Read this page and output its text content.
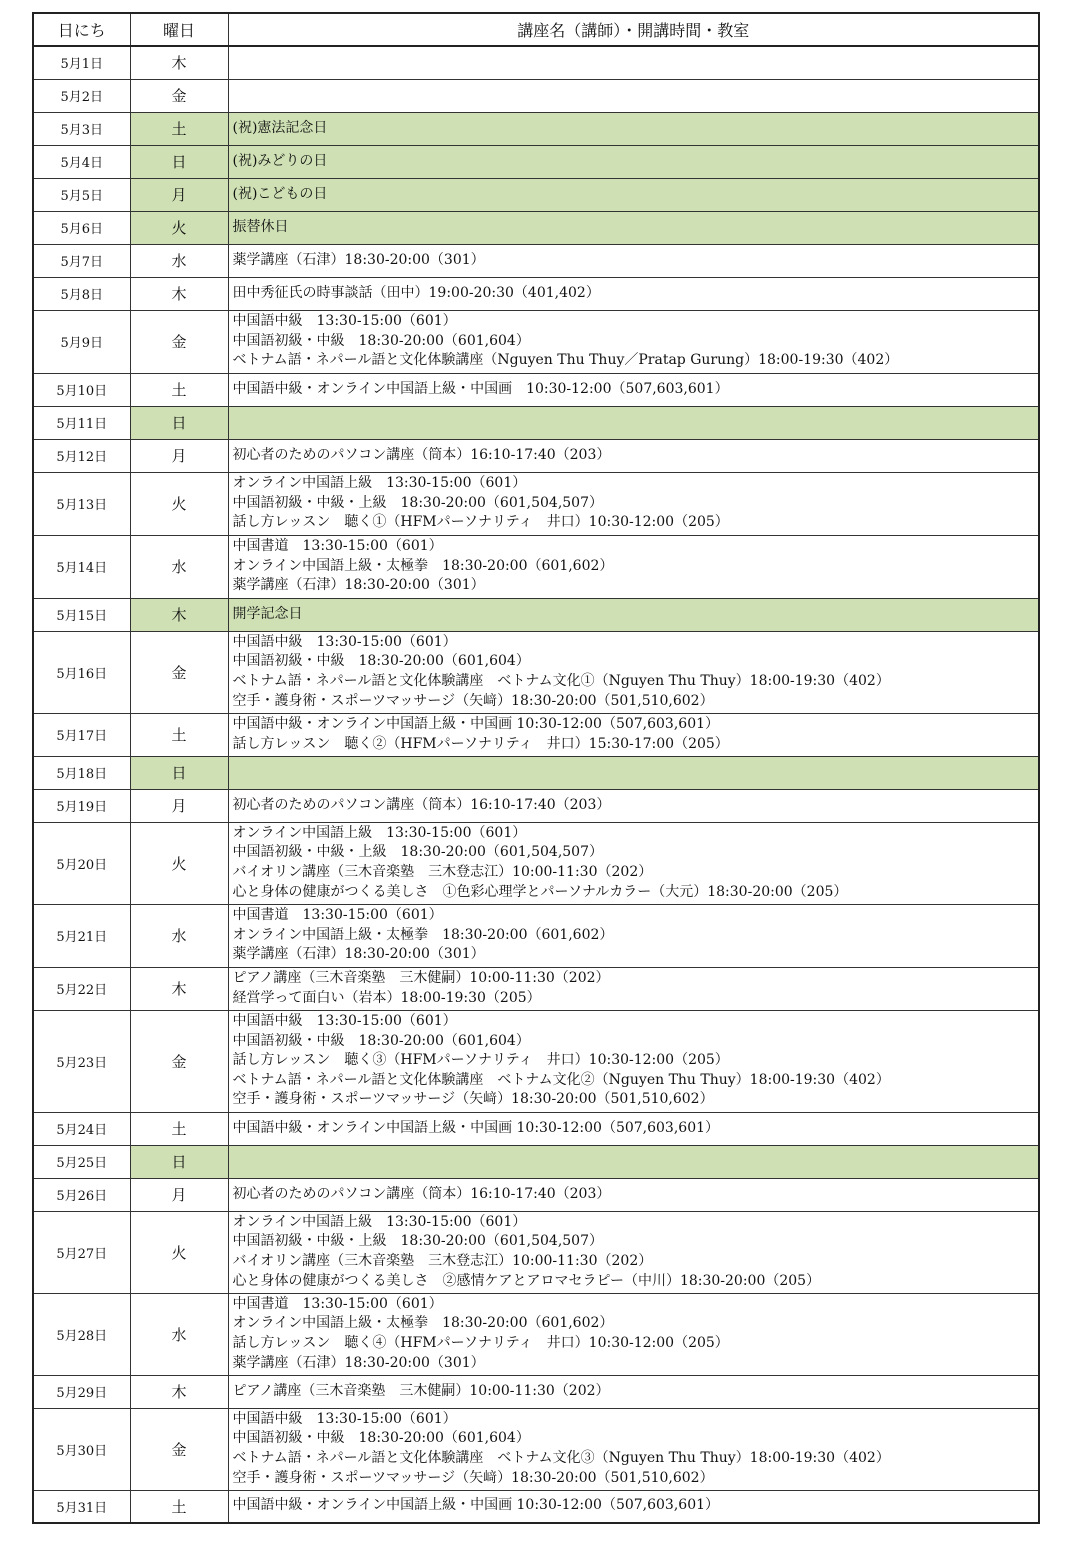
日にち	曜日	講座名（講師）・開講時間・教室
5月1日	木	
5月2日	金	
5月3日	土	(祝)憲法記念日

5月4日	日	(祝)みどりの日

5月5日	月	(祝)こどもの日

5月6日	火	振替休日

5月7日	水	薬学講座（石津）18:30-20:00（301）

5月8日	木	田中秀征氏の時事談話（田中）19:00-20:30（401,402）

5月9日	金	中国語中級　13:30-15:00（601）
中国語初級・中級　18:30-20:00（601,604）
ベトナム語・ネパール語と文化体験講座（Nguyen Thu Thuy／Pratap Gurung）18:00-19:30（402）

5月10日	土	中国語中級・オンライン中国語上級・中国画　10:30-12:00（507,603,601）

5月11日	日	
5月12日	月	初心者のためのパソコン講座（筒本）16:10-17:40（203）

5月13日	火	オンライン中国語上級　13:30-15:00（601）
中国語初級・中級・上級　18:30-20:00（601,504,507）
話し方レッスン　聴く①（HFMパーソナリティ　井口）10:30-12:00（205）

5月14日	水	中国書道　13:30-15:00（601）
オンライン中国語上級・太極拳　18:30-20:00（601,602）
薬学講座（石津）18:30-20:00（301）

5月15日	木	開学記念日

5月16日	金	中国語中級　13:30-15:00（601）
中国語初級・中級　18:30-20:00（601,604）
ベトナム語・ネパール語と文化体験講座　ベトナム文化①（Nguyen Thu Thuy）18:00-19:30（402）
空手・護身術・スポーツマッサージ（矢﨑）18:30-20:00（501,510,602）

5月17日	土	中国語中級・オンライン中国語上級・中国画 10:30-12:00（507,603,601）
話し方レッスン　聴く②（HFMパーソナリティ　井口）15:30-17:00（205）

5月18日	日	
5月19日	月	初心者のためのパソコン講座（筒本）16:10-17:40（203）

5月20日	火	オンライン中国語上級　13:30-15:00（601）
中国語初級・中級・上級　18:30-20:00（601,504,507）
バイオリン講座（三木音楽塾　三木登志江）10:00-11:30（202）
心と身体の健康がつくる美しさ　①色彩心理学とパーソナルカラー（大元）18:30-20:00（205）

5月21日	水	中国書道　13:30-15:00（601）
オンライン中国語上級・太極拳　18:30-20:00（601,602）
薬学講座（石津）18:30-20:00（301）

5月22日	木	ピアノ講座（三木音楽塾　三木健嗣）10:00-11:30（202）
経営学って面白い（岩本）18:00-19:30（205）

5月23日	金	中国語中級　13:30-15:00（601）
中国語初級・中級　18:30-20:00（601,604）
話し方レッスン　聴く③（HFMパーソナリティ　井口）10:30-12:00（205）
ベトナム語・ネパール語と文化体験講座　ベトナム文化②（Nguyen Thu Thuy）18:00-19:30（402）
空手・護身術・スポーツマッサージ（矢﨑）18:30-20:00（501,510,602）

5月24日	土	中国語中級・オンライン中国語上級・中国画 10:30-12:00（507,603,601）

5月25日	日	
5月26日	月	初心者のためのパソコン講座（筒本）16:10-17:40（203）

5月27日	火	オンライン中国語上級　13:30-15:00（601）
中国語初級・中級・上級　18:30-20:00（601,504,507）
バイオリン講座（三木音楽塾　三木登志江）10:00-11:30（202）
心と身体の健康がつくる美しさ　②感情ケアとアロマセラピー（中川）18:30-20:00（205）

5月28日	水	中国書道　13:30-15:00（601）
オンライン中国語上級・太極拳　18:30-20:00（601,602）
話し方レッスン　聴く④（HFMパーソナリティ　井口）10:30-12:00（205）
薬学講座（石津）18:30-20:00（301）

5月29日	木	ピアノ講座（三木音楽塾　三木健嗣）10:00-11:30（202）

5月30日	金	中国語中級　13:30-15:00（601）
中国語初級・中級　18:30-20:00（601,604）
ベトナム語・ネパール語と文化体験講座　ベトナム文化③（Nguyen Thu Thuy）18:00-19:30（402）
空手・護身術・スポーツマッサージ（矢﨑）18:30-20:00（501,510,602）

5月31日	土	中国語中級・オンライン中国語上級・中国画 10:30-12:00（507,603,601）
